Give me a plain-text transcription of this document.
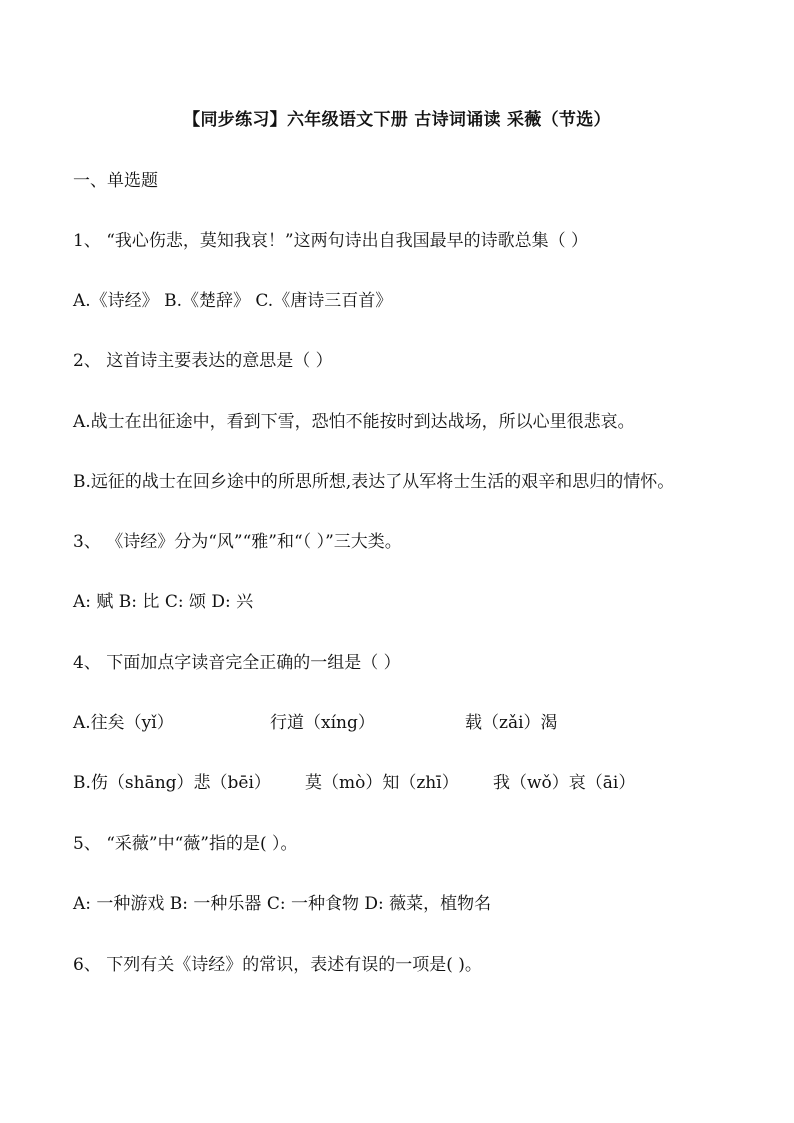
【同步练习】六年级语文下册 古诗词诵读 采薇（节选）
一、单选题
1、 “我心伤悲，莫知我哀！”这两句诗出自我国最早的诗歌总集（ ）
A.《诗经》 B.《楚辞》 C.《唐诗三百首》
2、 这首诗主要表达的意思是（ ）
A.战士在出征途中，看到下雪，恐怕不能按时到达战场，所以心里很悲哀。
B.远征的战士在回乡途中的所思所想,表达了从军将士生活的艰辛和思归的情怀。
3、 《诗经》分为“风”“雅”和“（ ）”三大类。
A: 赋 B: 比 C: 颂 D: 兴
4、 下面加点字读音完全正确的一组是（ ）
A.往矣（yǐ）	行道（xíng）	载（zǎi）渴
B.伤（shāng）悲（bēi） 莫（mò）知（zhī） 我（wǒ）哀（āi）
5、 “采薇”中“薇”指的是( ）。
A: 一种游戏 B: 一种乐器 C: 一种食物 D: 薇菜，植物名
6、 下列有关《诗经》的常识，表述有误的一项是( )。
